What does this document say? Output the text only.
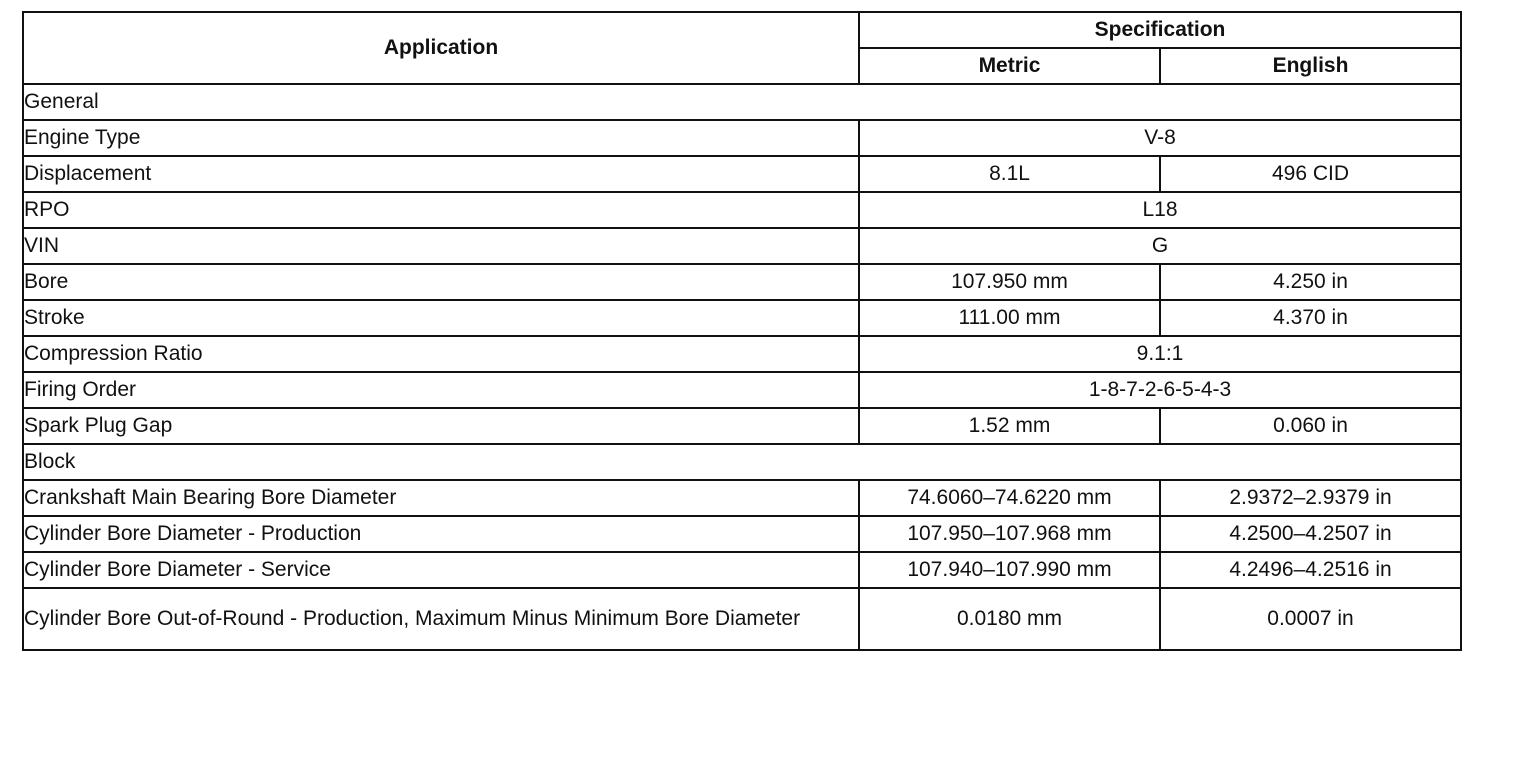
Application	Specification	
	Metric	English
General		
Engine Type	V-8	
Displacement	8.1L	496 CID
RPO	L18	
VIN	G	
Bore	107.950 mm	4.250 in
Stroke	111.00 mm	4.370 in
Compression Ratio	9.1:1	
Firing Order	1-8-7-2-6-5-4-3	
Spark Plug Gap	1.52 mm	0.060 in
Block		
Crankshaft Main Bearing Bore Diameter	74.6060–74.6220 mm	2.9372–2.9379 in
Cylinder Bore Diameter - Production	107.950–107.968 mm	4.2500–4.2507 in
Cylinder Bore Diameter - Service	107.940–107.990 mm	4.2496–4.2516 in
Cylinder Bore Out-of-Round - Production, Maximum Minus Minimum Bore Diameter	0.0180 mm	0.0007 in
